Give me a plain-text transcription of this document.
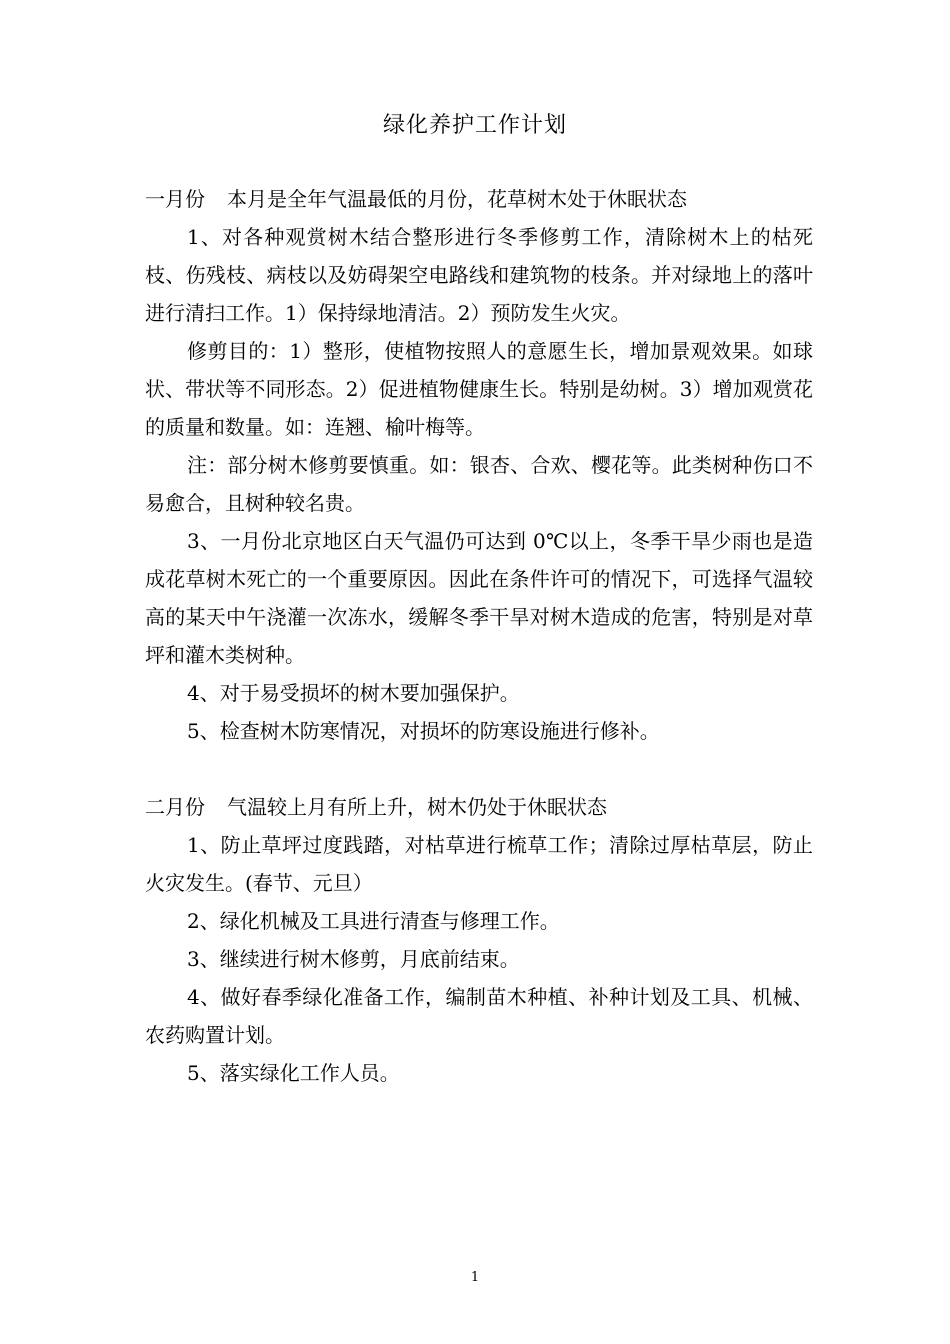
绿化养护工作计划

一月份 本月是全年气温最低的月份，花草树木处于休眠状态

1、对各种观赏树木结合整形进行冬季修剪工作，清除树木上的枯死枝、伤残枝、病枝以及妨碍架空电路线和建筑物的枝条。并对绿地上的落叶进行清扫工作。1）保持绿地清洁。2）预防发生火灾。

修剪目的：1）整形，使植物按照人的意愿生长，增加景观效果。如球状、带状等不同形态。2）促进植物健康生长。特别是幼树。3）增加观赏花的质量和数量。如：连翘、榆叶梅等。

注：部分树木修剪要慎重。如：银杏、合欢、樱花等。此类树种伤口不易愈合，且树种较名贵。

3、一月份北京地区白天气温仍可达到 0℃以上，冬季干旱少雨也是造成花草树木死亡的一个重要原因。因此在条件许可的情况下，可选择气温较高的某天中午浇灌一次冻水，缓解冬季干旱对树木造成的危害，特别是对草坪和灌木类树种。

4、对于易受损坏的树木要加强保护。

5、检查树木防寒情况，对损坏的防寒设施进行修补。

二月份 气温较上月有所上升，树木仍处于休眠状态

1、防止草坪过度践踏，对枯草进行梳草工作；清除过厚枯草层，防止火灾发生。(春节、元旦）

2、绿化机械及工具进行清查与修理工作。

3、继续进行树木修剪，月底前结束。

4、做好春季绿化准备工作，编制苗木种植、补种计划及工具、机械、农药购置计划。

5、落实绿化工作人员。

1
